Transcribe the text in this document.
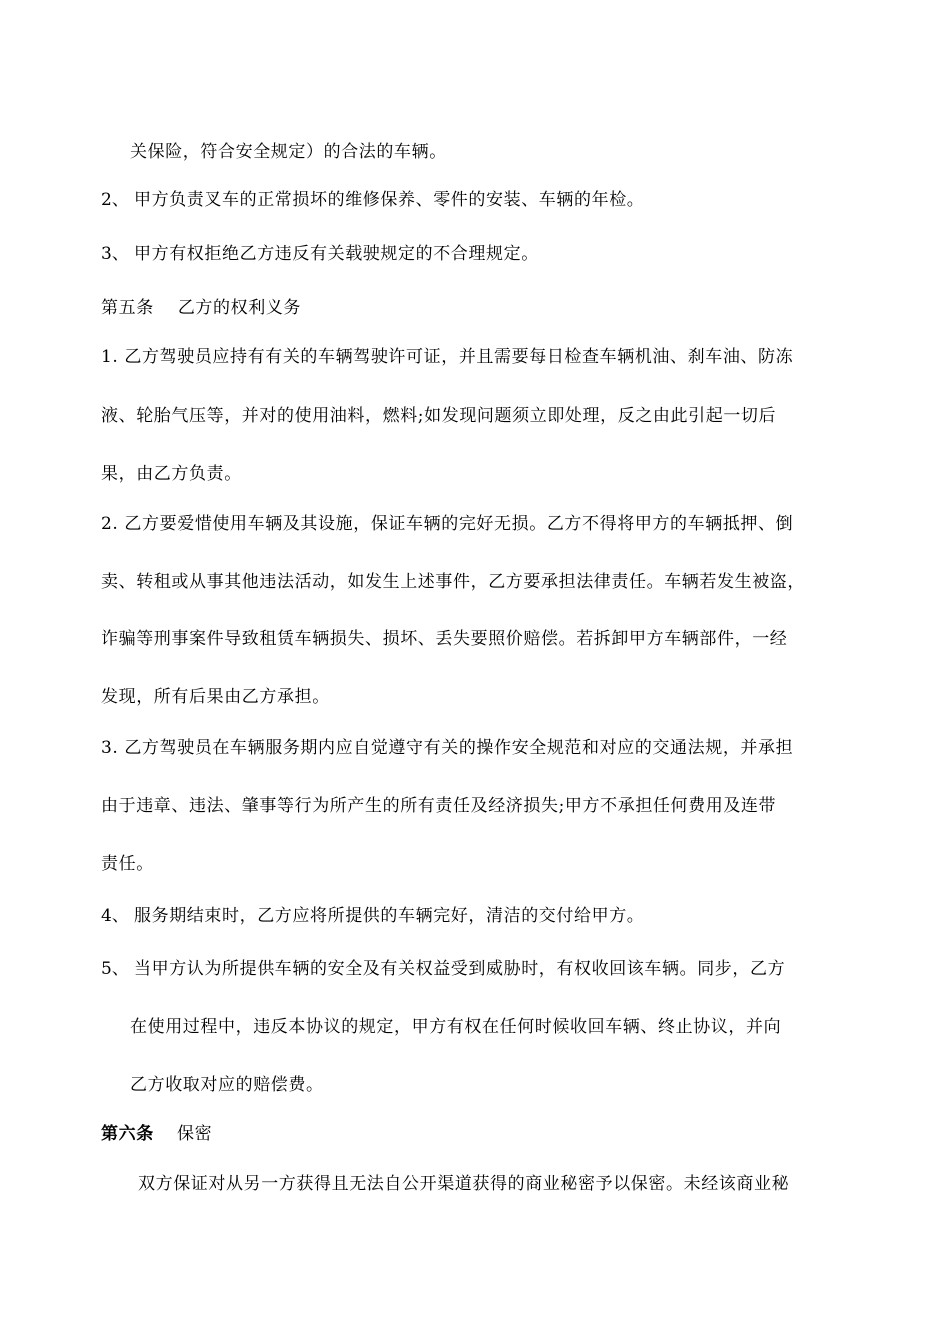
关保险，符合安全规定）的合法的车辆。
2、 甲方负责叉车的正常损坏的维修保养、零件的安装、车辆的年检。
3、 甲方有权拒绝乙方违反有关载驶规定的不合理规定。
第五条    乙方的权利义务
1. 乙方驾驶员应持有有关的车辆驾驶许可证，并且需要每日检查车辆机油、刹车油、防冻
液、轮胎气压等，并对的使用油料，燃料;如发现问题须立即处理，反之由此引起一切后
果，由乙方负责。
2. 乙方要爱惜使用车辆及其设施，保证车辆的完好无损。乙方不得将甲方的车辆抵押、倒
卖、转租或从事其他违法活动，如发生上述事件，乙方要承担法律责任。车辆若发生被盗，
诈骗等刑事案件导致租赁车辆损失、损坏、丢失要照价赔偿。若拆卸甲方车辆部件，一经
发现，所有后果由乙方承担。
3. 乙方驾驶员在车辆服务期内应自觉遵守有关的操作安全规范和对应的交通法规，并承担
由于违章、违法、肇事等行为所产生的所有责任及经济损失;甲方不承担任何费用及连带
责任。
4、 服务期结束时，乙方应将所提供的车辆完好，清洁的交付给甲方。
5、 当甲方认为所提供车辆的安全及有关权益受到威胁时，有权收回该车辆。同步，乙方
在使用过程中，违反本协议的规定，甲方有权在任何时候收回车辆、终止协议，并向
乙方收取对应的赔偿费。
第六条 保密
双方保证对从另一方获得且无法自公开渠道获得的商业秘密予以保密。未经该商业秘
